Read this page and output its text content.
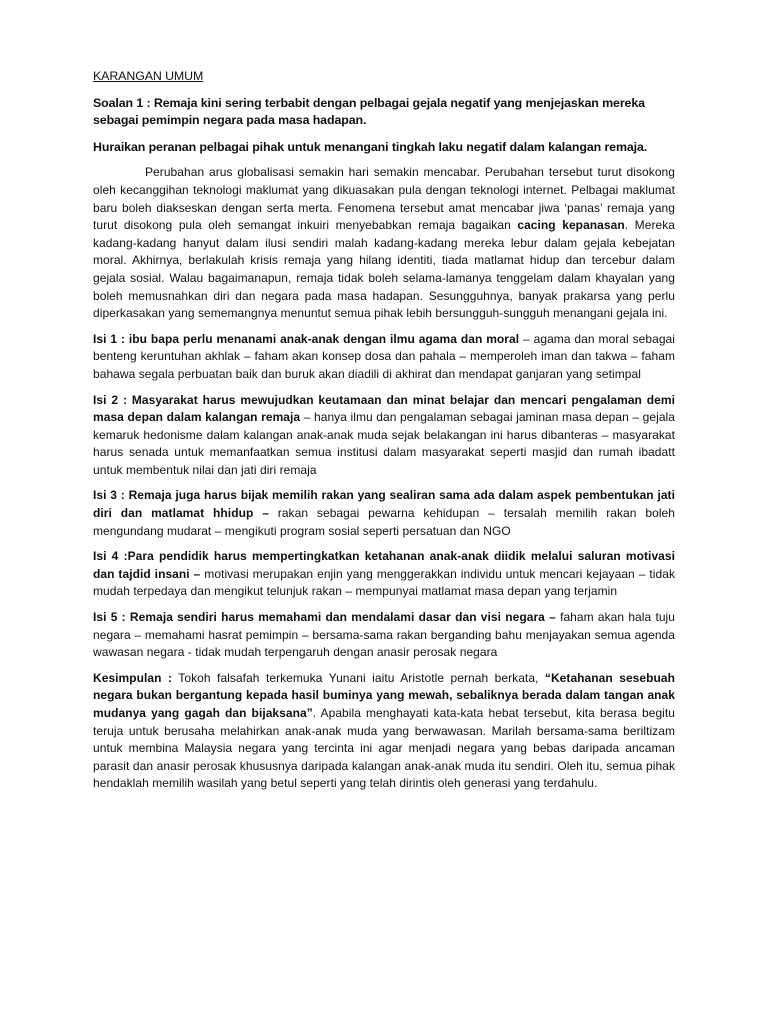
KARANGAN UMUM

Soalan 1 : Remaja kini sering terbabit dengan pelbagai gejala negatif yang menjejaskan mereka sebagai pemimpin negara pada masa hadapan.

Huraikan peranan pelbagai pihak untuk menangani tingkah laku negatif dalam kalangan remaja.

Perubahan arus globalisasi semakin hari semakin mencabar. Perubahan tersebut turut disokong oleh kecanggihan teknologi maklumat yang dikuasakan pula dengan teknologi internet. Pelbagai maklumat baru boleh diakseskan dengan serta merta. Fenomena tersebut amat mencabar jiwa ‘panas’ remaja yang turut disokong pula oleh semangat inkuiri menyebabkan remaja bagaikan cacing kepanasan. Mereka kadang-kadang hanyut dalam ilusi sendiri malah kadang-kadang mereka lebur dalam gejala kebejatan moral. Akhirnya, berlakulah krisis remaja yang hilang identiti, tiada matlamat hidup dan tercebur dalam gejala sosial. Walau bagaimanapun, remaja tidak boleh selama-lamanya tenggelam dalam khayalan yang boleh memusnahkan diri dan negara pada masa hadapan. Sesungguhnya, banyak prakarsa yang perlu diperkasakan yang sememangnya menuntut semua pihak lebih bersungguh-sungguh menangani gejala ini.

Isi 1 : ibu bapa perlu menanami anak-anak dengan ilmu agama dan moral – agama dan moral sebagai benteng keruntuhan akhlak – faham akan konsep dosa dan pahala – memperoleh iman dan takwa – faham bahawa segala perbuatan baik dan buruk akan diadili di akhirat dan mendapat ganjaran yang setimpal

Isi 2 : Masyarakat harus mewujudkan keutamaan dan minat belajar dan mencari pengalaman demi masa depan dalam kalangan remaja – hanya ilmu dan pengalaman sebagai jaminan masa depan – gejala kemaruk hedonisme dalam kalangan anak-anak muda sejak belakangan ini harus dibanteras – masyarakat harus senada untuk memanfaatkan semua institusi dalam masyarakat seperti masjid dan rumah ibadatt untuk membentuk nilai dan jati diri remaja

Isi 3 : Remaja juga harus bijak memilih rakan yang sealiran sama ada dalam aspek pembentukan jati diri dan matlamat hhidup – rakan sebagai pewarna kehidupan – tersalah memilih rakan boleh mengundang mudarat – mengikuti program sosial seperti persatuan dan NGO

Isi 4 :Para pendidik harus mempertingkatkan ketahanan anak-anak diidik melalui saluran motivasi dan tajdid insani – motivasi merupakan enjin yang menggerakkan individu untuk mencari kejayaan – tidak mudah terpedaya dan mengikut telunjuk rakan – mempunyai matlamat masa depan yang terjamin

Isi 5 : Remaja sendiri harus memahami dan mendalami dasar dan visi negara – faham akan hala tuju negara – memahami hasrat pemimpin – bersama-sama rakan berganding bahu menjayakan semua agenda wawasan negara - tidak mudah terpengaruh dengan anasir perosak negara

Kesimpulan : Tokoh falsafah terkemuka Yunani iaitu Aristotle pernah berkata, “Ketahanan sesebuah negara bukan bergantung kepada hasil buminya yang mewah, sebaliknya berada dalam tangan anak mudanya yang gagah dan bijaksana”. Apabila menghayati kata-kata hebat tersebut, kita berasa begitu teruja untuk berusaha melahirkan anak-anak muda yang berwawasan. Marilah bersama-sama beriltizam untuk membina Malaysia negara yang tercinta ini agar menjadi negara yang bebas daripada ancaman parasit dan anasir perosak khususnya daripada kalangan anak-anak muda itu sendiri. Oleh itu, semua pihak hendaklah memilih wasilah yang betul seperti yang telah dirintis oleh generasi yang terdahulu.
